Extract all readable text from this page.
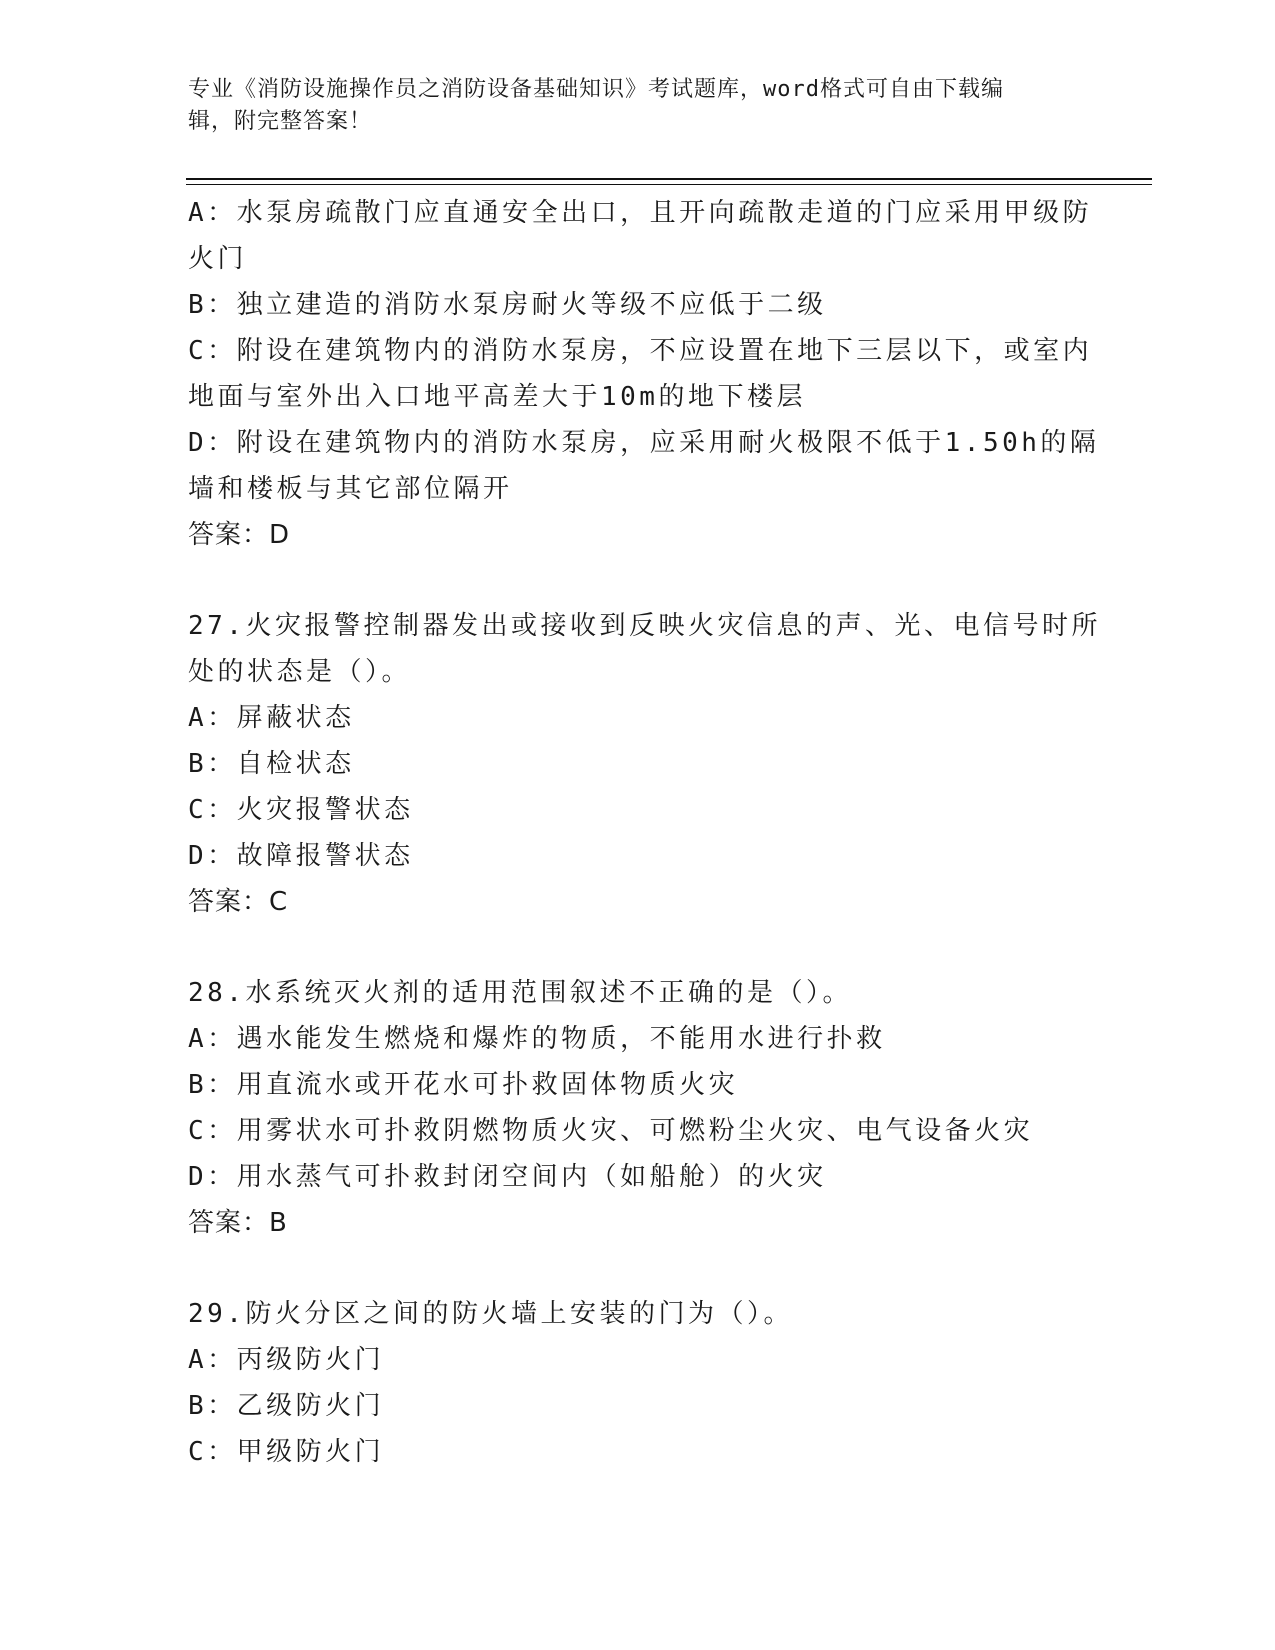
专业《消防设施操作员之消防设备基础知识》考试题库，word格式可自由下载编
辑，附完整答案！
A：水泵房疏散门应直通安全出口，且开向疏散走道的门应采用甲级防
火门
B：独立建造的消防水泵房耐火等级不应低于二级
C：附设在建筑物内的消防水泵房，不应设置在地下三层以下，或室内
地面与室外出入口地平高差大于10m的地下楼层
D：附设在建筑物内的消防水泵房，应采用耐火极限不低于1.50h的隔
墙和楼板与其它部位隔开
答案：D
27.火灾报警控制器发出或接收到反映火灾信息的声、光、电信号时所
处的状态是（）。
A：屏蔽状态
B：自检状态
C：火灾报警状态
D：故障报警状态
答案：C
28.水系统灭火剂的适用范围叙述不正确的是（）。
A：遇水能发生燃烧和爆炸的物质，不能用水进行扑救
B：用直流水或开花水可扑救固体物质火灾
C：用雾状水可扑救阴燃物质火灾、可燃粉尘火灾、电气设备火灾
D：用水蒸气可扑救封闭空间内（如船舱）的火灾
答案：B
29.防火分区之间的防火墙上安装的门为（）。
A：丙级防火门
B：乙级防火门
C：甲级防火门
